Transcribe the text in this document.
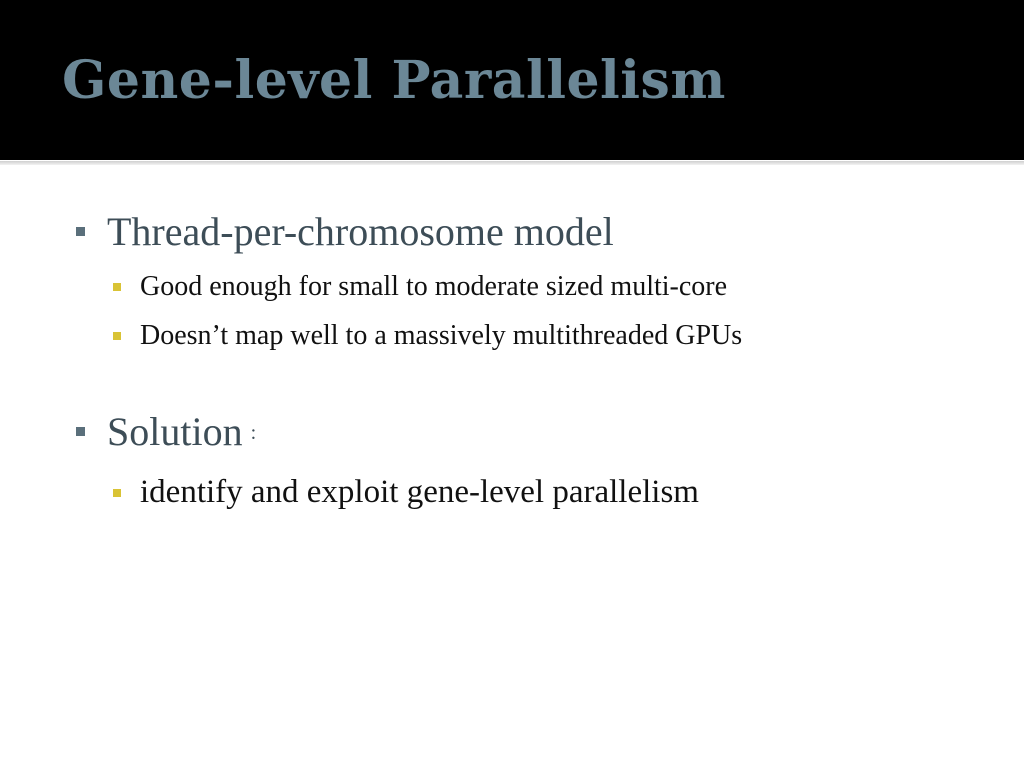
Gene-level Parallelism
Thread-per-chromosome model
Good enough for small to moderate sized multi-core
Doesn’t map well to a massively multithreaded GPUs
Solution :
identify and exploit gene-level parallelism
